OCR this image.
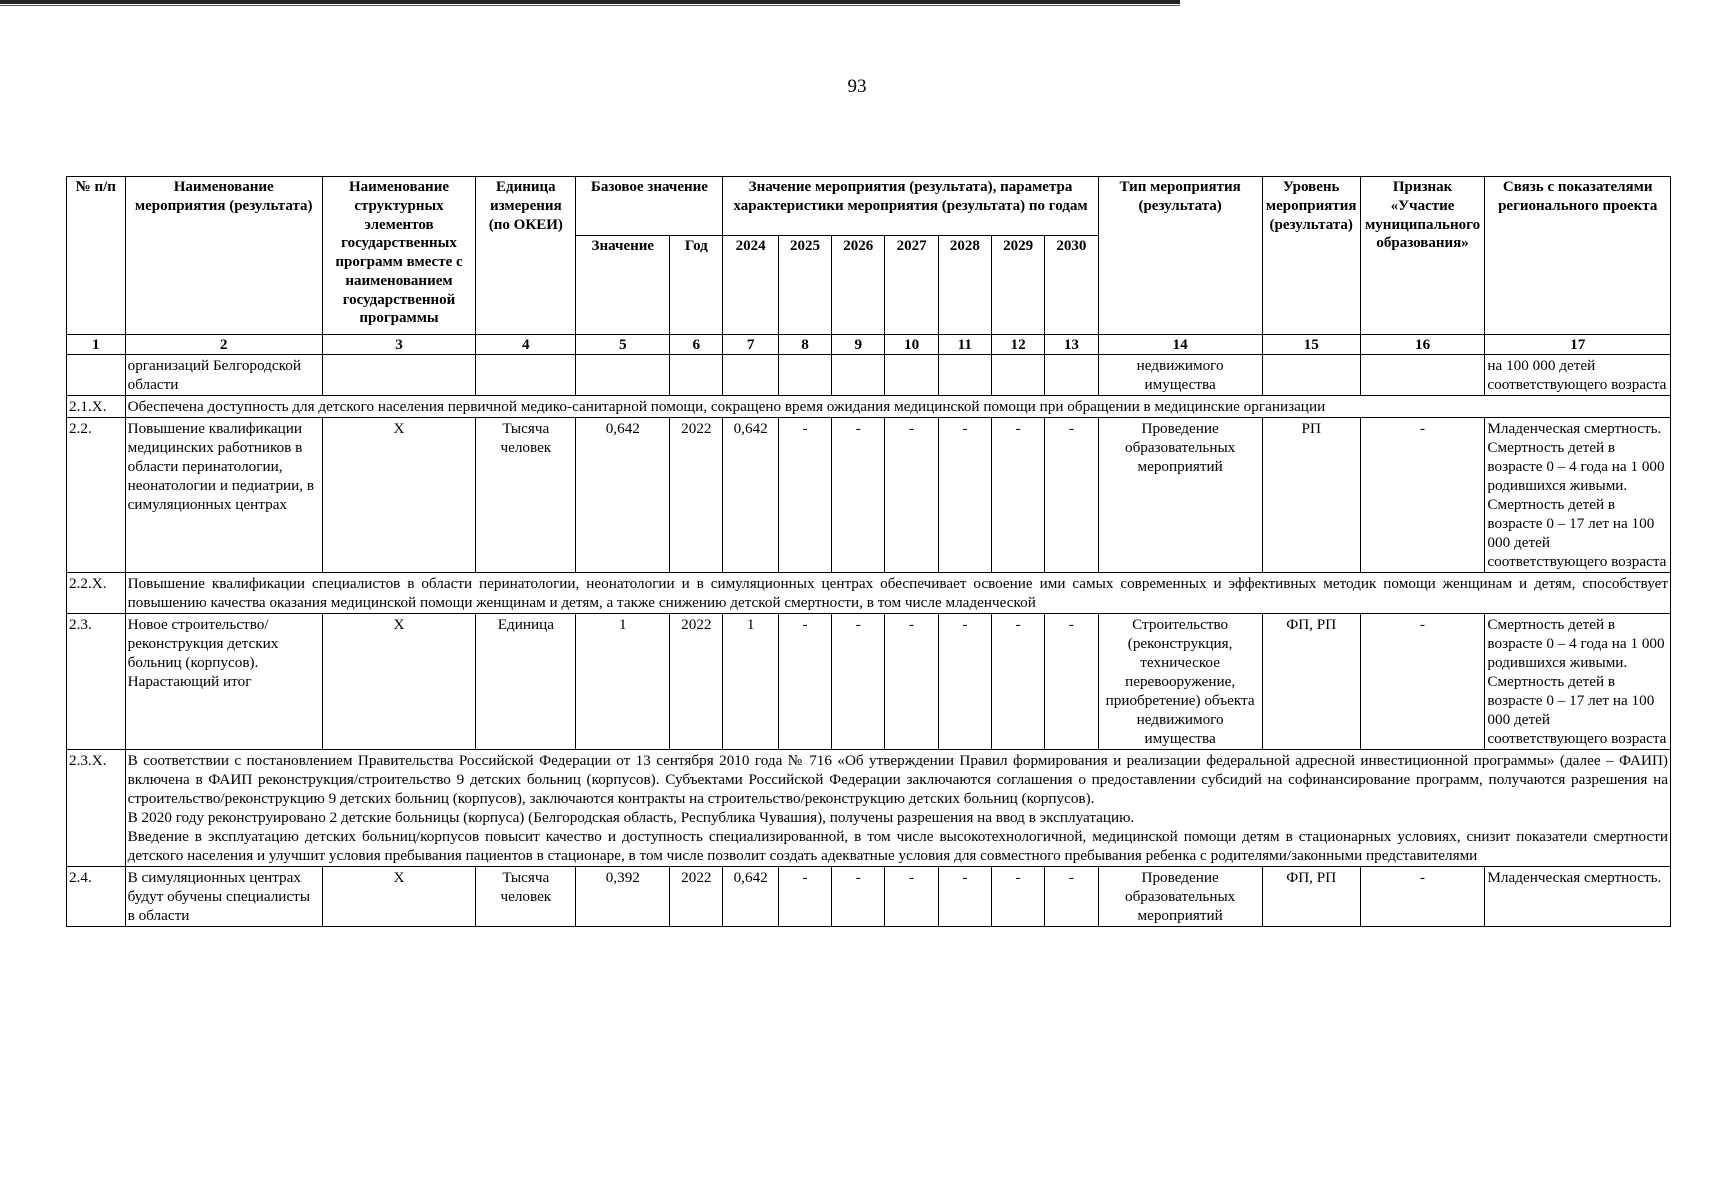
93
№ п/п	Наименование мероприятия (результата)	Наименование структурных элементов государственных программ вместе с наименованием государственной программы	Единица измерения (по ОКЕИ)	Базовое значение		Значение мероприятия (результата), параметра характеристики мероприятия (результата) по годам							Тип мероприятия (результата)	Уровень мероприятия (результата)	Признак «Участие муниципального образования»	Связь с показателями регионального проекта
				Значение	Год	2024	2025	2026	2027	2028	2029	2030				
1	2	3	4	5	6	7	8	9	10	11	12	13	14	15	16	17
	организаций Белгородской области												недвижимого имущества			на 100 000 детей соответствующего возраста
2.1.Х.	Обеспечена доступность для детского населения первичной медико-санитарной помощи, сокращено время ожидания медицинской помощи при обращении в медицинские организации															
2.2.	Повышение квалификации медицинских работников в области перинатологии, неонатологии и педиатрии, в симуляционных центрах	Х	Тысяча человек	0,642	2022	0,642	-	-	-	-	-	-	Проведение образовательных мероприятий	РП	-	Младенческая смертность. Смертность детей в возрасте 0 – 4 года на 1 000 родившихся живыми. Смертность детей в возрасте 0 – 17 лет на 100 000 детей соответствующего возраста
2.2.Х.	Повышение квалификации специалистов в области перинатологии, неонатологии и в симуляционных центрах обеспечивает освоение ими самых современных и эффективных методик помощи женщинам и детям, способствует повышению качества оказания медицинской помощи женщинам и детям, а также снижению детской смертности, в том числе младенческой															
2.3.	Новое строительство/ реконструкция детских больниц (корпусов). Нарастающий итог	Х	Единица	1	2022	1	-	-	-	-	-	-	Строительство (реконструкция, техническое перевооружение, приобретение) объекта недвижимого имущества	ФП, РП	-	Смертность детей в возрасте 0 – 4 года на 1 000 родившихся живыми. Смертность детей в возрасте 0 – 17 лет на 100 000 детей соответствующего возраста
2.3.Х.	В соответствии с постановлением Правительства Российской Федерации от 13 сентября 2010 года № 716 «Об утверждении Правил формирования и реализации федеральной адресной инвестиционной программы» (далее – ФАИП) включена в ФАИП реконструкция/строительство 9 детских больниц (корпусов). Субъектами Российской Федерации заключаются соглашения о предоставлении субсидий на софинансирование программ, получаются разрешения на строительство/реконструкцию 9 детских больниц (корпусов), заключаются контракты на строительство/реконструкцию детских больниц (корпусов).

В 2020 году реконструировано 2 детские больницы (корпуса) (Белгородская область, Республика Чувашия), получены разрешения на ввод в эксплуатацию.

Введение в эксплуатацию детских больниц/корпусов повысит качество и доступность специализированной, в том числе высокотехнологичной, медицинской помощи детям в стационарных условиях, снизит показатели смертности детского населения и улучшит условия пребывания пациентов в стационаре, в том числе позволит создать адекватные условия для совместного пребывания ребенка с родителями/законными представителями															

2.4.	В симуляционных центрах будут обучены специалисты в области	Х	Тысяча человек	0,392	2022	0,642	-	-	-	-	-	-	Проведение образовательных мероприятий	ФП, РП	-	Младенческая смертность.
